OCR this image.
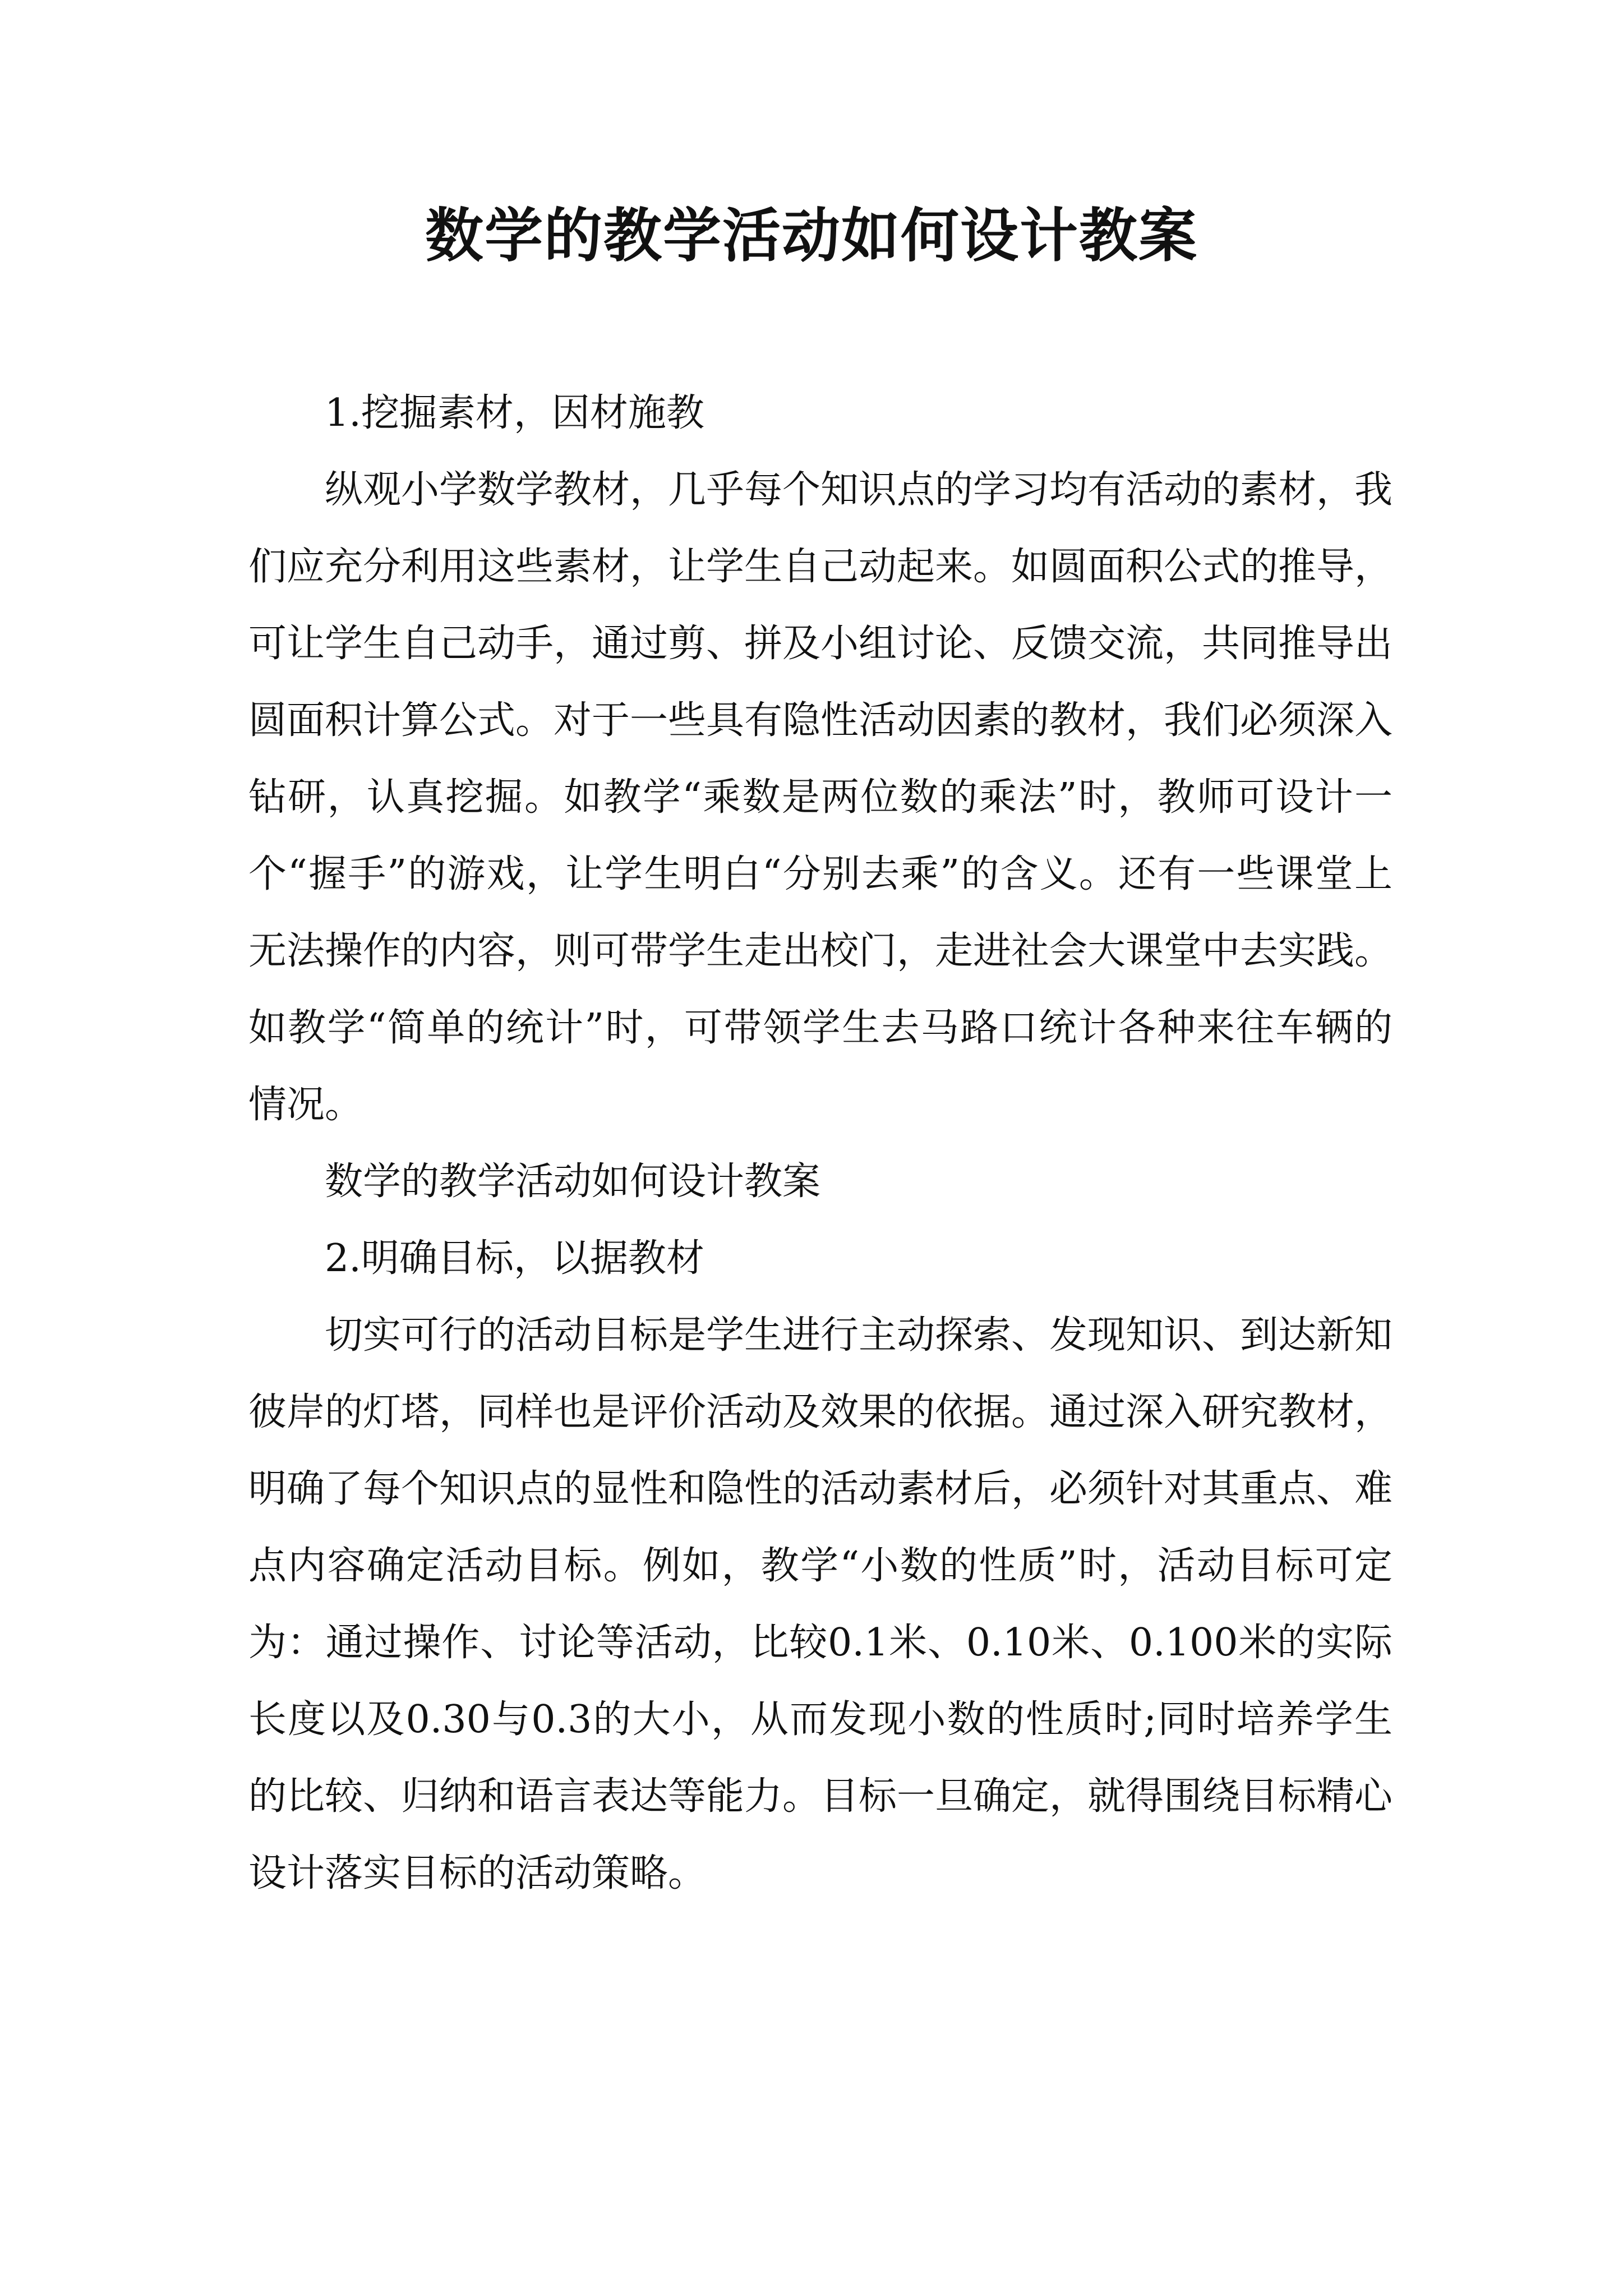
数学的教学活动如何设计教案

1.挖掘素材，因材施教

纵观小学数学教材，几乎每个知识点的学习均有活动的素材，我们应充分利用这些素材，让学生自己动起来。如圆面积公式的推导，可让学生自己动手，通过剪、拼及小组讨论、反馈交流，共同推导出圆面积计算公式。对于一些具有隐性活动因素的教材，我们必须深入钻研，认真挖掘。如教学“乘数是两位数的乘法”时，教师可设计一个“握手”的游戏，让学生明白“分别去乘”的含义。还有一些课堂上无法操作的内容，则可带学生走出校门，走进社会大课堂中去实践。如教学“简单的统计”时，可带领学生去马路口统计各种来往车辆的情况。

数学的教学活动如何设计教案

2.明确目标，以据教材

切实可行的活动目标是学生进行主动探索、发现知识、到达新知彼岸的灯塔，同样也是评价活动及效果的依据。通过深入研究教材，明确了每个知识点的显性和隐性的活动素材后，必须针对其重点、难点内容确定活动目标。例如，教学“小数的性质”时，活动目标可定为：通过操作、讨论等活动，比较0.1米、0.10米、0.100米的实际长度以及0.30与0.3的大小，从而发现小数的性质时;同时培养学生的比较、归纳和语言表达等能力。目标一旦确定，就得围绕目标精心设计落实目标的活动策略。
